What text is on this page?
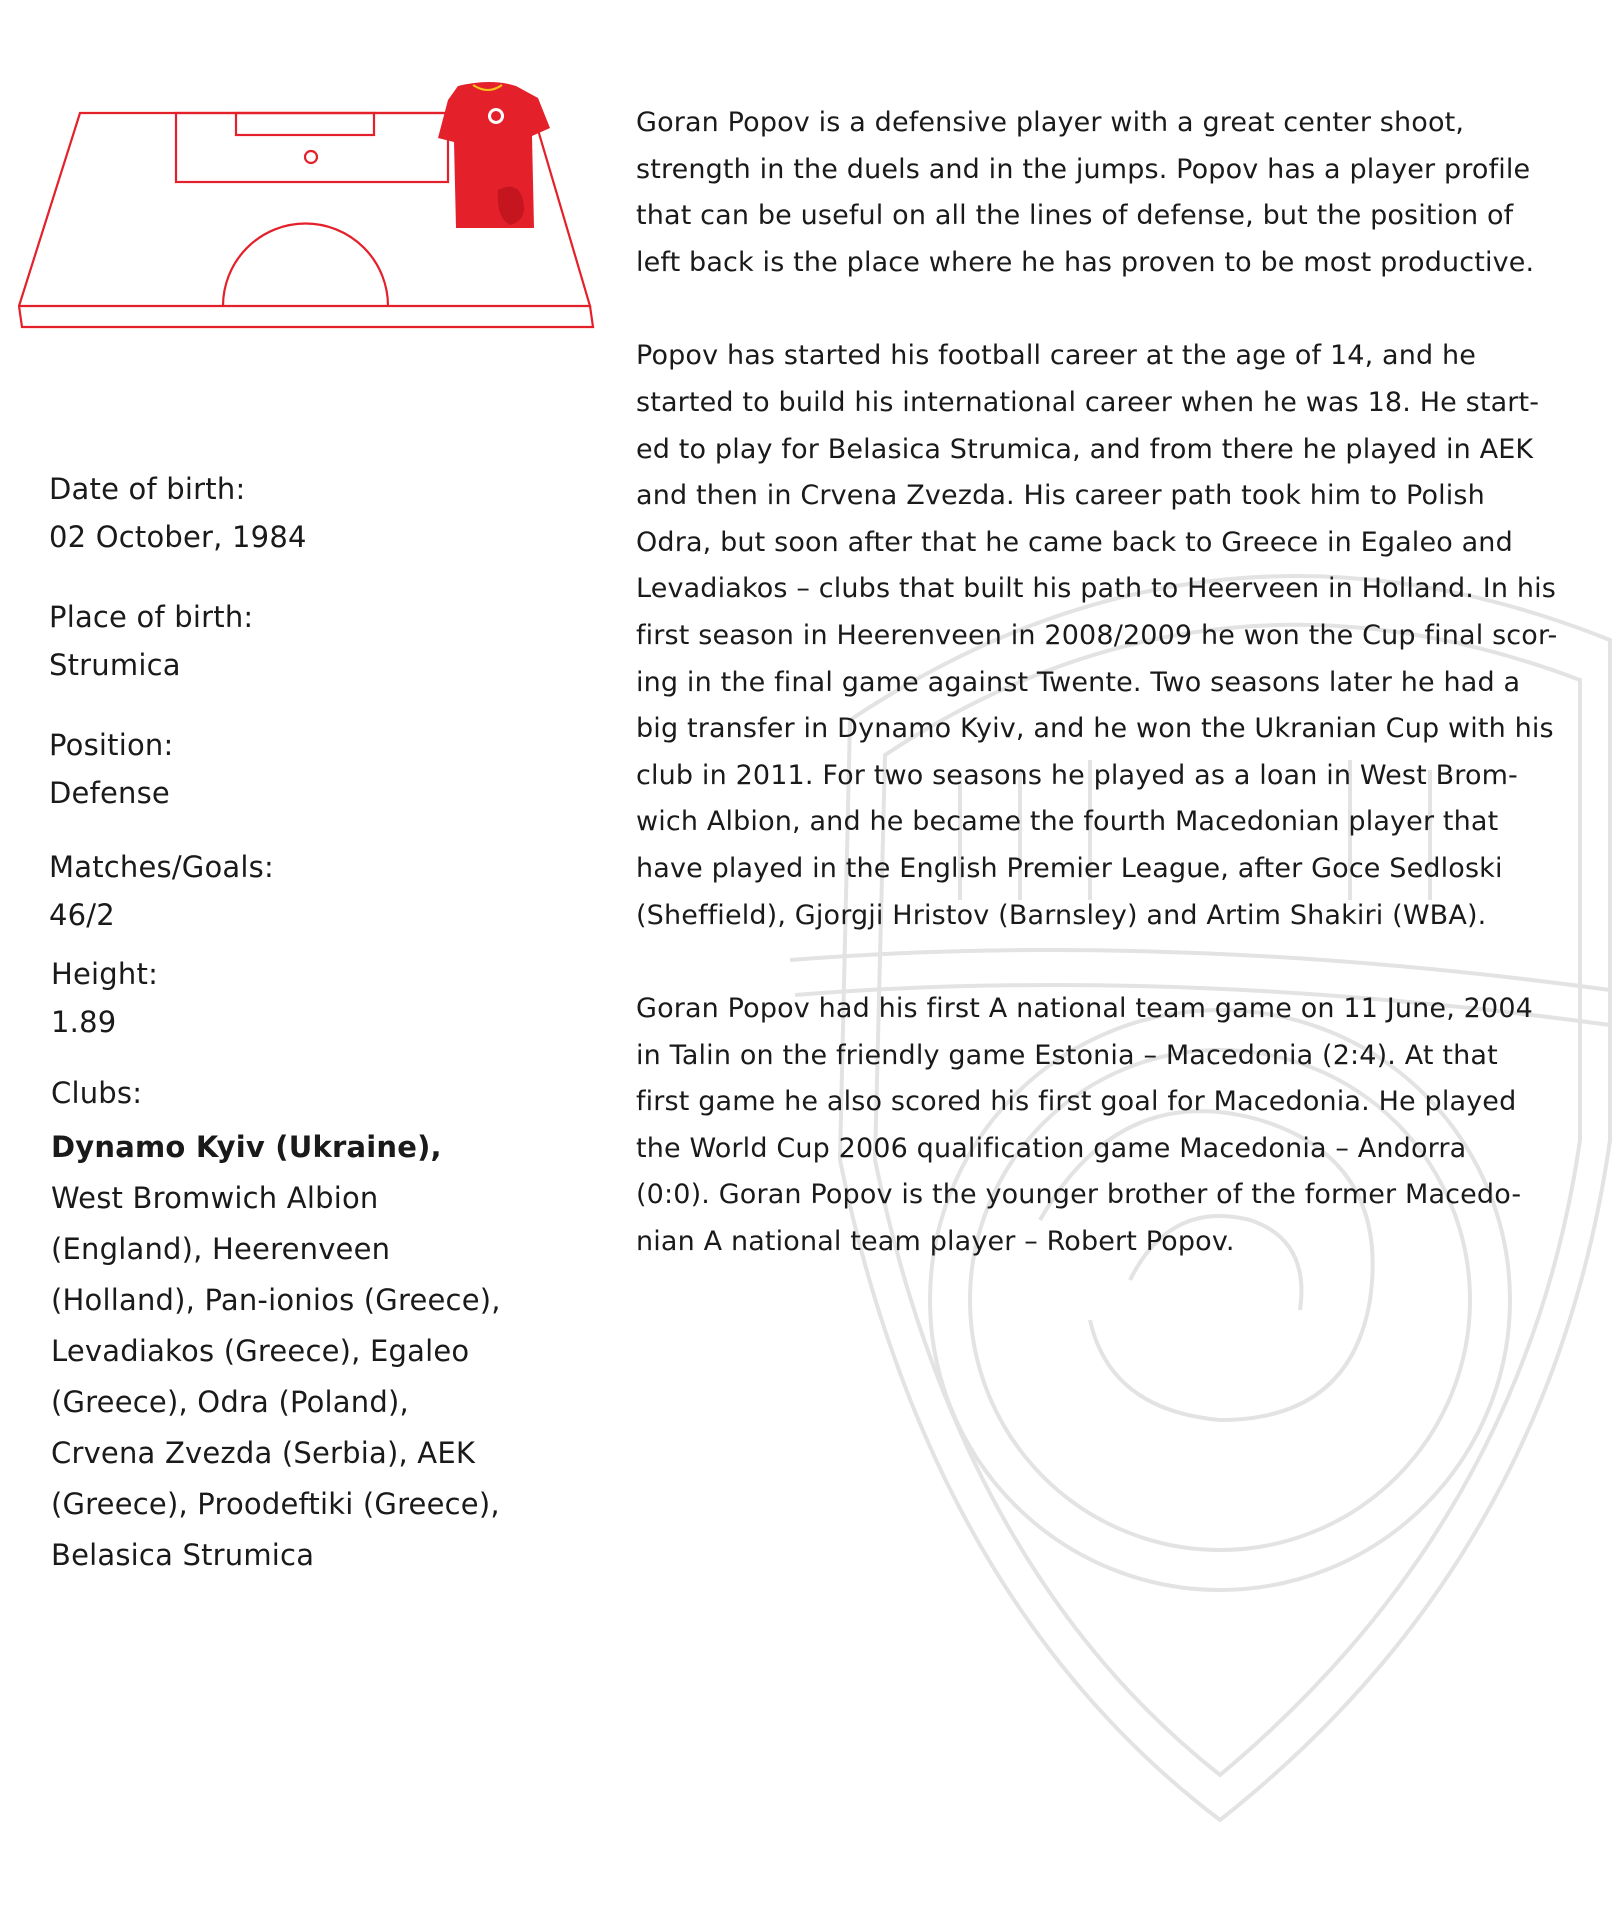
Date of birth:
02 October, 1984
Place of birth:
Strumica
Position:
Defense
Matches/Goals:
46/2
Height:
1.89
Clubs:
Dynamo Kyiv (Ukraine), West Bromwich Albion (England), Heerenveen (Holland), Pan-ionios (Greece), Levadiakos (Greece), Egaleo (Greece), Odra (Poland), Crvena Zvezda (Serbia), AEK (Greece), Proodeftiki (Greece), Belasica Strumica

Goran Popov is a defensive player with a great center shoot,
strength in the duels and in the jumps. Popov has a player profile
that can be useful on all the lines of defense, but the position of
left back is the place where he has proven to be most productive.

Popov has started his football career at the age of 14, and he
started to build his international career when he was 18. He start-
ed to play for Belasica Strumica, and from there he played in AEK
and then in Crvena Zvezda. His career path took him to Polish
Odra, but soon after that he came back to Greece in Egaleo and
Levadiakos – clubs that built his path to Heerveen in Holland. In his
first season in Heerenveen in 2008/2009 he won the Cup final scor-
ing in the final game against Twente. Two seasons later he had a
big transfer in Dynamo Kyiv, and he won the Ukranian Cup with his
club in 2011. For two seasons he played as a loan in West Brom-
wich Albion, and he became the fourth Macedonian player that
have played in the English Premier League, after Goce Sedloski
(Sheffield), Gjorgji Hristov (Barnsley) and Artim Shakiri (WBA).

Goran Popov had his first A national team game on 11 June, 2004
in Talin on the friendly game Estonia – Macedonia (2:4). At that
first game he also scored his first goal for Macedonia. He played
the World Cup 2006 qualification game Macedonia – Andorra
(0:0). Goran Popov is the younger brother of the former Macedo-
nian A national team player – Robert Popov.
